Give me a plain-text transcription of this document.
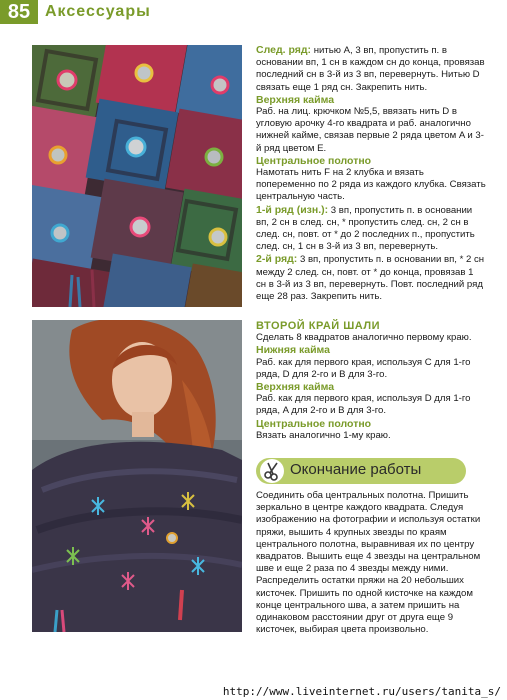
85 Аксессуары

След. ряд: нитью A, 3 вп, пропустить п. в основании вп, 1 сн в каждом сн до конца, провязав последний сн в 3-й из 3 вп, перевернуть. Нитью D связать еще 1 ряд сн. Закрепить нить.

Верхняя кайма

Раб. на лиц. крючком №5,5, ввязать нить D в угловую арочку 4-го квадрата и раб. аналогично нижней кайме, связав первые 2 ряда цветом A и 3-й ряд цветом E.

Центральное полотно

Намотать нить F на 2 клубка и вязать попеременно по 2 ряда из каждого клубка. Связать центральную часть.

1-й ряд (изн.): 3 вп, пропустить п. в основании вп, 2 сн в след. сн, * пропустить след. сн, 2 сн в след. сн, повт. от * до 2 последних п., пропустить след. сн, 1 сн в 3-й из 3 вп, перевернуть.

2-й ряд: 3 вп, пропустить п. в основании вп, * 2 сн между 2 след. сн, повт. от * до конца, провязав 1 сн в 3-й из 3 вп, перевернуть. Повт. последний ряд еще 28 раз. Закрепить нить.

ВТОРОЙ КРАЙ ШАЛИ

Сделать 8 квадратов аналогично первому краю.

Нижняя кайма

Раб. как для первого края, используя C для 1-го ряда, D для 2-го и B для 3-го.

Верхняя кайма

Раб. как для первого края, используя D для 1-го ряда, A для 2-го и B для 3-го.

Центральное полотно

Вязать аналогично 1-му краю.

Окончание работы

Соединить оба центральных полотна. Пришить зеркально в центре каждого квадрата. Следуя изображению на фотографии и используя остатки пряжи, вышить 4 крупных звезды по краям центрального полотна, выравнивая их по центру квадратов. Вышить еще 4 звезды на центральном шве и еще 2 раза по 4 звезды между ними. Распределить остатки пряжи на 20 небольших кисточек. Пришить по одной кисточке на каждом конце центрального шва, а затем пришить на одинаковом расстоянии друг от друга еще 9 кисточек, выбирая цвета произвольно.

http://www.liveinternet.ru/users/tanita_s/
